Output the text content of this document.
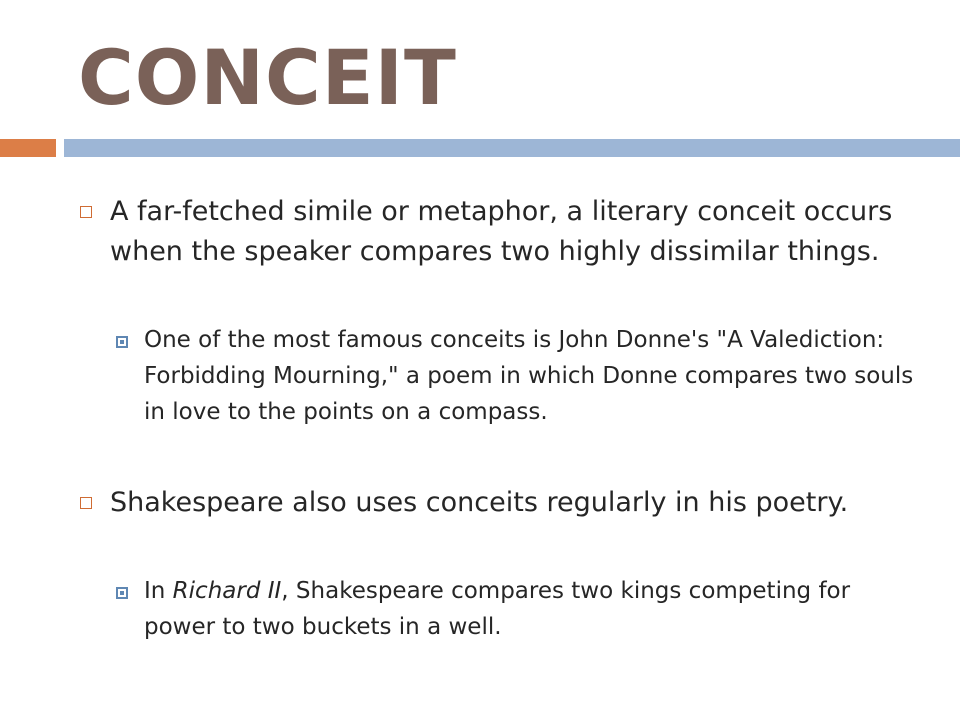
CONCEIT
A far-fetched simile or metaphor, a literary conceit occurs when the speaker compares two highly dissimilar things.
One of the most famous conceits is John Donne's "A Valediction: Forbidding Mourning," a poem in which Donne compares two souls in love to the points on a compass.
Shakespeare also uses conceits regularly in his poetry.
In Richard II, Shakespeare compares two kings competing for power to two buckets in a well.
